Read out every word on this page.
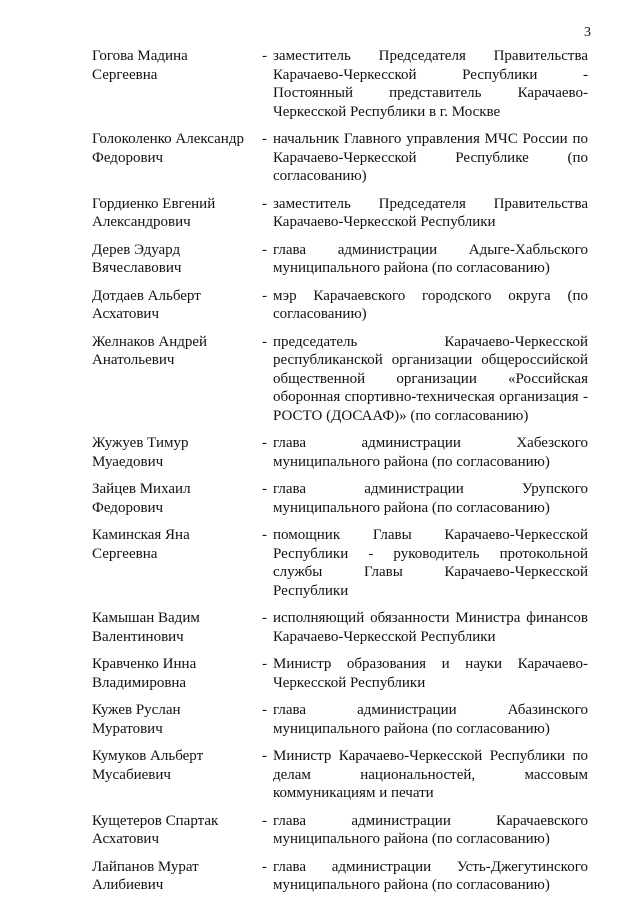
3
Гогова Мадина
Сергеевна
- заместитель Председателя Правительства Карачаево-Черкесской Республики - Постоянный представитель Карачаево-Черкесской Республики в г. Москве
Голоколенко Александр
Федорович
- начальник Главного управления МЧС России по Карачаево-Черкесской Республике (по согласованию)
Гордиенко Евгений
Александрович
- заместитель Председателя Правительства Карачаево-Черкесской Республики
Дерев Эдуард
Вячеславович
- глава администрации Адыге-Хабльского муниципального района (по согласованию)
Дотдаев Альберт
Асхатович
- мэр Карачаевского городского округа (по согласованию)
Желнаков Андрей
Анатольевич
- председатель Карачаево-Черкесской республиканской организации общероссийской общественной организации «Российская оборонная спортивно-техническая организация - РОСТО (ДОСААФ)» (по согласованию)
Жужуев Тимур
Муаедович
- глава администрации Хабезского муниципального района (по согласованию)
Зайцев Михаил
Федорович
- глава администрации Урупского муниципального района (по согласованию)
Каминская Яна
Сергеевна
- помощник Главы Карачаево-Черкесской Республики - руководитель протокольной службы Главы Карачаево-Черкесской Республики
Камышан Вадим
Валентинович
- исполняющий обязанности Министра финансов Карачаево-Черкесской Республики
Кравченко Инна
Владимировна
- Министр образования и науки Карачаево-Черкесской Республики
Кужев Руслан
Муратович
- глава администрации Абазинского муниципального района (по согласованию)
Кумуков Альберт
Мусабиевич
- Министр Карачаево-Черкесской Республики по делам национальностей, массовым коммуникациям и печати
Кущетеров Спартак
Асхатович
- глава администрации Карачаевского муниципального района (по согласованию)
Лайпанов Мурат
Алибиевич
- глава администрации Усть-Джегутинского муниципального района (по согласованию)
